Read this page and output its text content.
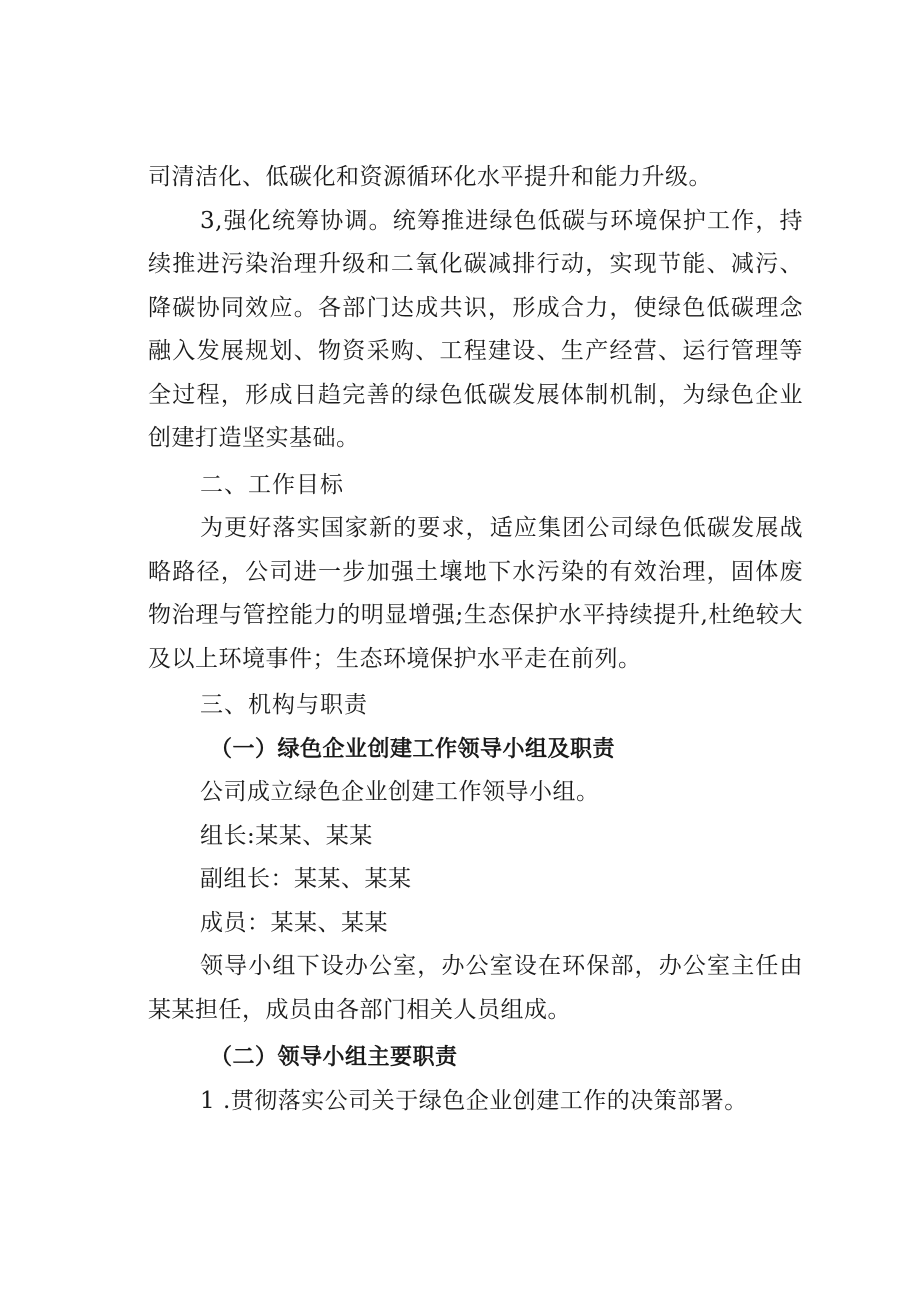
司清洁化、低碳化和资源循环化水平提升和能力升级。

3,强化统筹协调。统筹推进绿色低碳与环境保护工作，持续推进污染治理升级和二氧化碳减排行动，实现节能、减污、降碳协同效应。各部门达成共识，形成合力，使绿色低碳理念融入发展规划、物资采购、工程建设、生产经营、运行管理等全过程，形成日趋完善的绿色低碳发展体制机制，为绿色企业创建打造坚实基础。

二、工作目标

为更好落实国家新的要求，适应集团公司绿色低碳发展战略路径，公司进一步加强土壤地下水污染的有效治理，固体废物治理与管控能力的明显增强;生态保护水平持续提升,杜绝较大及以上环境事件；生态环境保护水平走在前列。

三、机构与职责
（一）绿色企业创建工作领导小组及职责

公司成立绿色企业创建工作领导小组。

组长:某某、某某

副组长：某某、某某

成员：某某、某某

领导小组下设办公室，办公室设在环保部，办公室主任由某某担任，成员由各部门相关人员组成。

（二）领导小组主要职责

1 .贯彻落实公司关于绿色企业创建工作的决策部署。
